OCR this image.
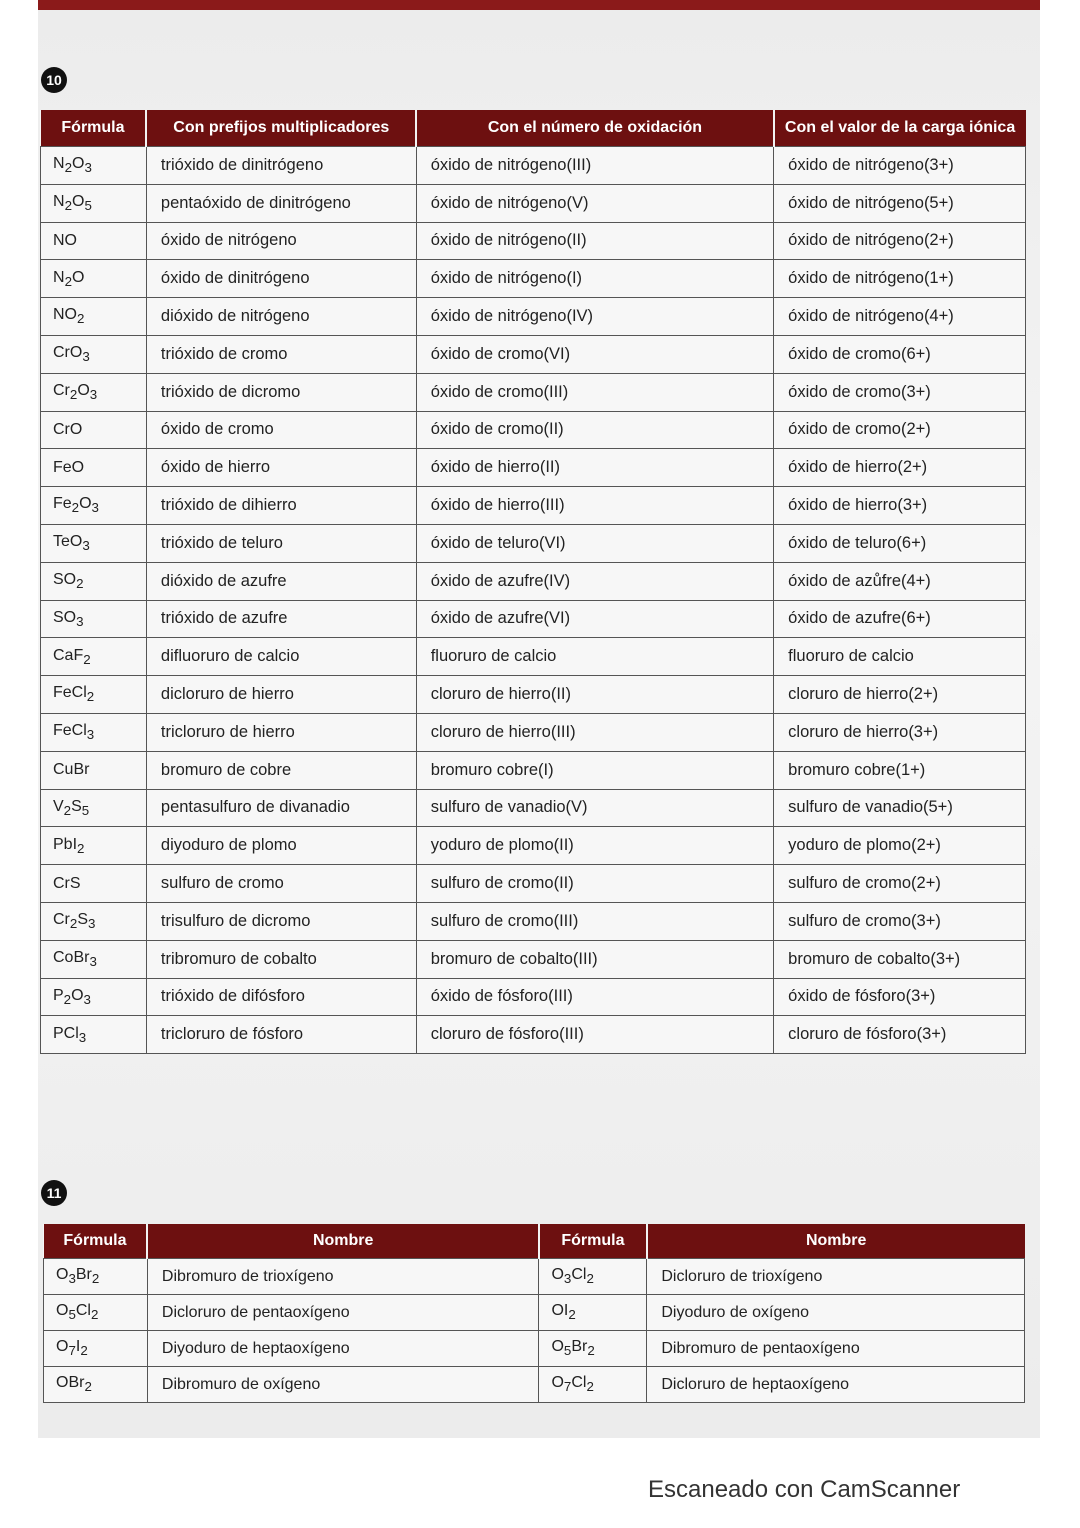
10
Fórmula	Con prefijos multiplicadores	Con el número de oxidación	Con el valor de la carga iónica
$N_2O_3$	trióxido de dinitrógeno	óxido de nitrógeno(III)	óxido de nitrógeno(3+)
$N_2O_5$	pentaóxido de dinitrógeno	óxido de nitrógeno(V)	óxido de nitrógeno(5+)
NO	óxido de nitrógeno	óxido de nitrógeno(II)	óxido de nitrógeno(2+)
$N_2O$	óxido de dinitrógeno	óxido de nitrógeno(I)	óxido de nitrógeno(1+)
$NO_2$	dióxido de nitrógeno	óxido de nitrógeno(IV)	óxido de nitrógeno(4+)
CrO$_3$	trióxido de cromo	óxido de cromo(VI)	óxido de cromo(6+)
$Cr_2O_3$	trióxido de dicromo	óxido de cromo(III)	óxido de cromo(3+)
CrO	óxido de cromo	óxido de cromo(II)	óxido de cromo(2+)
FeO	óxido de hierro	óxido de hierro(II)	óxido de hierro(2+)
$Fe_2O_3$	trióxido de dihierro	óxido de hierro(III)	óxido de hierro(3+)
TeO$_3$	trióxido de teluro	óxido de teluro(VI)	óxido de teluro(6+)
$SO_2$	dióxido de azufre	óxido de azufre(IV)	óxido de azůfre(4+)
$SO_3$	trióxido de azufre	óxido de azufre(VI)	óxido de azufre(6+)
CaF$_2$	difluoruro de calcio	fluoruro de calcio	fluoruro de calcio
FeCl$_2$	dicloruro de hierro	cloruro de hierro(II)	cloruro de hierro(2+)
FeCl$_3$	tricloruro de hierro	cloruro de hierro(III)	cloruro de hierro(3+)
CuBr	bromuro de cobre	bromuro cobre(I)	bromuro cobre(1+)
$V_2S_5$	pentasulfuro de divanadio	sulfuro de vanadio(V)	sulfuro de vanadio(5+)
PbI$_2$	diyoduro de plomo	yoduro de plomo(II)	yoduro de plomo(2+)
CrS	sulfuro de cromo	sulfuro de cromo(II)	sulfuro de cromo(2+)
$Cr_2S_3$	trisulfuro de dicromo	sulfuro de cromo(III)	sulfuro de cromo(3+)
CoBr$_3$	tribromuro de cobalto	bromuro de cobalto(III)	bromuro de cobalto(3+)
$P_2O_3$	trióxido de difósforo	óxido de fósforo(III)	óxido de fósforo(3+)
PCl$_3$	tricloruro de fósforo	cloruro de fósforo(III)	cloruro de fósforo(3+)
11
Fórmula	Nombre	Fórmula	Nombre
$O_3Br_2$	Dibromuro de trioxígeno	$O_3Cl_2$	Dicloruro de trioxígeno
$O_5Cl_2$	Dicloruro de pentaoxígeno	$OI_2$	Diyoduro de oxígeno
$O_7I_2$	Diyoduro de heptaoxígeno	$O_5Br_2$	Dibromuro de pentaoxígeno
OBr$_2$	Dibromuro de oxígeno	$O_7Cl_2$	Dicloruro de heptaoxígeno
Escaneado con CamScanner
